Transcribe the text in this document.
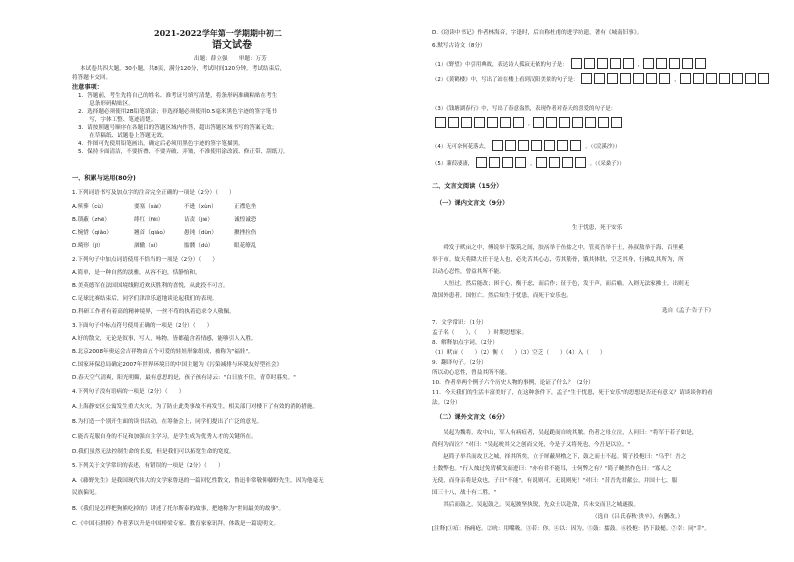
2021-2022学年第一学期期中初二
语文试卷
出题：薛立强　　审题：万芳
本试卷共四大题，30小题，共8页，满分120分，考试时间120分钟。考试结束后，
将答题卡交回。
注意事项：
1．答题前，考生先将自己的姓名、准考证号填写清楚，将条形码准确粘贴在考生
　　息条形码粘贴区。
2．选择题必须使用2B铅笔填涂；非选择题必须使用0.5毫米黑色字迹的签字笔书
　　写，字体工整、笔迹清楚。
3．请按照题号顺序在各题目的答题区域内作答，超出答题区域书写的答案无效；
　　在草稿纸、试题卷上答题无效。
4．作图可先使用铅笔画出，确定后必须用黑色字迹的签字笔描黑。
5．保持卡面清洁，不要折叠、不要弄破、弄皱，不准使用涂改液、修正带、刮纸刀。
一、积累与运用(80分)
1.下列词语书写及加点字的注音完全正确的一项是（2分）（　　）
A.殡葬（cù）	要塞（sài）	不逊（xùn）	正襟危坐
B.锁蔽（zhē）	绯红（fēi）	诘责（jié）	诚惶诚恐
C.惋惜（qiǎo）	翘首（qiáo）	愚钝（dùn）	揪挫拉伤
D.畸形（jī）	涸辙（sì）	骷髅（dú）	眼花缭乱
2.下列句子中加点词语使用不恰当的一项是（2分）（　　）
A.简单，是一种自然的淡雅，从容不迫，恬静怡和。
B.美英德军在法国国境线附近欢庆胜利的喜悦，从此投不可言。
C.足球比赛结束后，同学们津津乐道地谈论起我们的表现。
D.科研工作者有着高的精神境界，一丝不苟的执着追求令人敬佩。
3.下面句子中标点符号使用正确的一项是（2分）（　　）
A.好的散文，无论是叙事，写人，咏物，皆都蕴含着情感，能够引人入胜。
B.北京2008年奥运会吉祥物由五个可爱的娃娃形象组成，被称为"福娃"。
C.国家环保总局确定2007年世界环境日的中国主题为《污染减排与环境友好型社会》
D.春天空气清爽，阳光明媚，最有意思的是，孩子孩有诗云："白日放不住，青草时暮矣。"
4.下列句子没有语病的一项是（2分）（　　）
A.上海静安区公寓发生重大火灾，为了防止此类事故不再发生，相关部门对楼下了有效的消防措施。
B.为打造一个别开生面的读书活动，在筹备会上，同学们提出了广泛的意见。
C.能否克服自身的不足和加强自主学习，是学生成为优秀人才的关键所在。
D.我们虽然无法控制生命的长度，但是我们可以拓宽生命的宽度。
5.下列关于文学常识的表述，有错误的一项是（2分）（　　）
A.《藤野先生》是我国现代伟大的文学家鲁迅的一篇回忆性散文，鲁迅非常敬仰藤野先生，因为他毫无
民族偏见。
B.《我们是怎样把狗熊吃掉的》讲述了托尔斯泰的故事，把她称为"世间最美的故事"。
C.《中国石拱桥》作者茅以升是中国桥梁专家、教育家家讯拜，体裁是一篇说明文。
D.《窃读中书记》作者林海音，字逢时，后自称杜甫的进学坊遗，著有《城南旧事》。
6.默写古诗文（8分）
（1）《野望》中引用典故，表达诗人孤寂无依的句子是：	，
（2）《黄鹤楼》中，写出了站在楼上看到汉阳美景的句子是：	，
（3）《钱塘湖春行》中，写出了春意盎然，表现作者对春天的喜爱的句子是：
，
（4）无可奈何花落去，	。（《浣溪沙》）
（5）蒹葭凄凄，	，	。（《采桑子》）
二、文言文阅读（15分）
（一）课内文言文（9分）
生于忧患，死于安乐
　　舜发于畎亩之中，傅说举于版筑之间，胶鬲举于鱼盐之中，管夷吾举于士，孙叔敖举于海，百里奚
举于市。故天将降大任于是人也，必先苦其心志，劳其筋骨，饿其体肤，空乏其身，行拂乱其所为，所
以动心忍性，曾益其所不能。
　　人恒过，然后能改；困于心，衡于虑，而后作；征于色，发于声，而后喻。入则无法家拂士，出则无
敌国外患者，国恒亡。然后知生于忧患，而死于安乐也。
选自《孟子·告子下》
7．文学常识：（1分）
孟子名（　　），（　　）时期思想家。
8．解释加点字词。（2分）
（1）畎亩（　　）（2）衡（　　）（3）空乏（　　）（4）入（　　）
9．翻译句子。（2分）
所以动心忍性，曾益其所不能。
10．作者举两个例子六个历史人物的事例，论证了什么？（2分）
11．今天我们的生活丰富美好了，在这种条件下，孟子"生于忧患，死于安乐"的思想是否还有意义？请谈谈你的看
法。（2分）
（二）课外文言文（6分）
　　吴起为魏将，攻中山，军人有病疽者，吴起跪而自吮其脓。伤者之母立泣，人问曰："将军于若子如是，
尚何为而泣？"对曰："吴起吮其父之创而父死，今是子又将死也，今吾是以泣。"
　　赵简子举兵而攻卫之城，择其所矣，立于犀蔽屏橹之下，鼓之而士不起。简子投枹曰："乌乎！吾之
士数弊也。"行人烛过免胄横戈而进曰："亦有君不能耳，士何弊之有？"简子艴然作色曰："寡人之
无使，而身亲将是众也，子曰"不能"。有说则可，无说则死！"对曰："昔吾先君献公，并国十七，服
国三十八，战十有二胜。"
　　其后而鼓之，吴起鼓之，吴起披坚执锐，先众士以赴敌，兵未交而卫之城遂拔。
（选自《吕氏春秋·贵卒》，有删改。）
[注释]①疽：指痈疮。②吮：用嘴吸。③若：你。④以：因为。⑤鼓：擂鼓。⑥投枹：扔下鼓槌。⑦幸：同"幸"。
